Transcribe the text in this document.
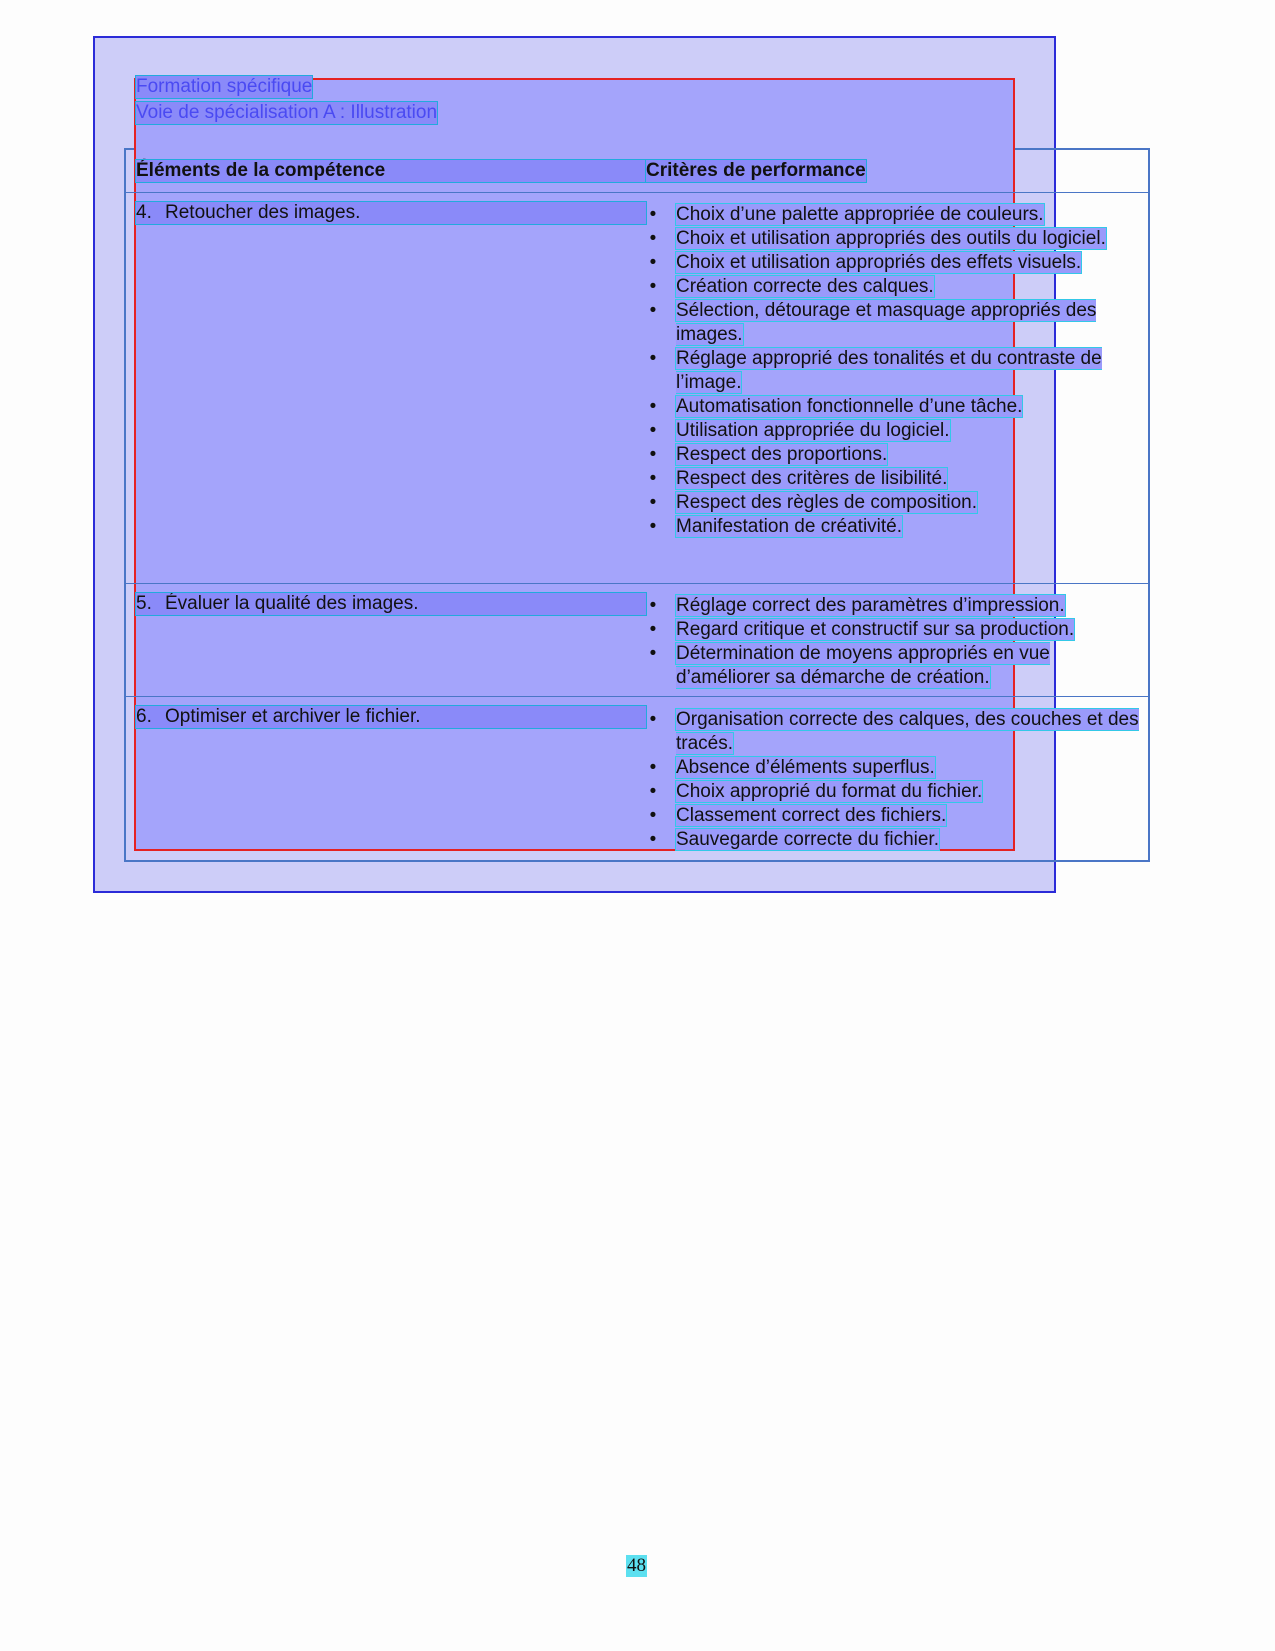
Formation spécifique
Voie de spécialisation A : Illustration
Éléments de la compétence	Critères de performance
4. Retoucher des images.	• Choix d’une palette appropriée de couleurs.
• Choix et utilisation appropriés des outils du logiciel.
• Choix et utilisation appropriés des effets visuels.
• Création correcte des calques.
• Sélection, détourage et masquage appropriés des images.
• Réglage approprié des tonalités et du contraste de l’image.
• Automatisation fonctionnelle d’une tâche.
• Utilisation appropriée du logiciel.
• Respect des proportions.
• Respect des critères de lisibilité.
• Respect des règles de composition.
• Manifestation de créativité.
5. Évaluer la qualité des images.	• Réglage correct des paramètres d’impression.
• Regard critique et constructif sur sa production.
• Détermination de moyens appropriés en vue d’améliorer sa démarche de création.
6. Optimiser et archiver le fichier.	• Organisation correcte des calques, des couches et des tracés.
• Absence d’éléments superflus.
• Choix approprié du format du fichier.
• Classement correct des fichiers.
• Sauvegarde correcte du fichier.
48
